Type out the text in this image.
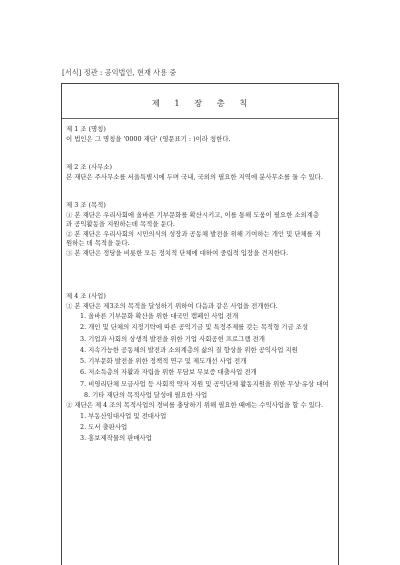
[서식] 정관 : 공익법인, 현재 사용 중
제 1 장 총 칙

제 1 조 (명칭)

이 법인은 그 명칭을 '0000 재단' (영문표기 : )이라 칭한다.

제 2 조 (사무소)

본 재단은 주사무소를 서울특별시에 두며 국내, 국외의 필요한 지역에 분사무소를 둘 수 있다.

제 3 조 (목적)

① 본 재단은 우리사회에 올바른 기부문화를 확산시키고, 이를 통해 도움이 필요한 소외계층

과 공익활동을 지원하는데 목적을 둔다.

② 본 재단은 우리사회의 시민의식의 성장과 공동체 발전을 위해 기여하는 개인 및 단체를 지

원하는 데 목적을 둔다.

③ 본 재단은 정당을 비롯한 모든 정치적 단체에 대하여 중립적 입장을 견지한다.

제 4 조 (사업)

① 본 재단은 제3조의 목적을 달성하기 위하여 다음과 같은 사업을 전개한다.

1. 올바른 기부문화 확산을 위한 대국민 캠페인 사업 전개

2. 개인 및 단체의 지정기탁에 따른 공익기금 및 특정주제를 갖는 목적형 기금 조성

3. 기업과 사회의 상생적 발전을 위한 기업 사회공헌 프로그램 전개

4. 지속가능한 공동체의 발전과 소외계층의 삶의 질 향상을 위한 공익사업 지원

5. 기부문화 발전을 위한 정책적 연구 및 제도개선 사업 전개

6. 저소득층의 자활과 자립을 위한 무담보 무보증 대출사업 전개

7. 비영리단체 모금사업 등 사회적 약자 지원 및 공익단체 활동지원을 위한 무상·유상 대여

8. 기타 재단의 목적사업 달성에 필요한 사업

② 재단은 제 4 조의 목적사업의 경비를 충당하기 위해 필요한 때에는 수익사업을 할 수 있다.

1. 부동산임대사업 및 전대사업

2. 도서 출판사업

3. 홍보제작물의 판매사업
